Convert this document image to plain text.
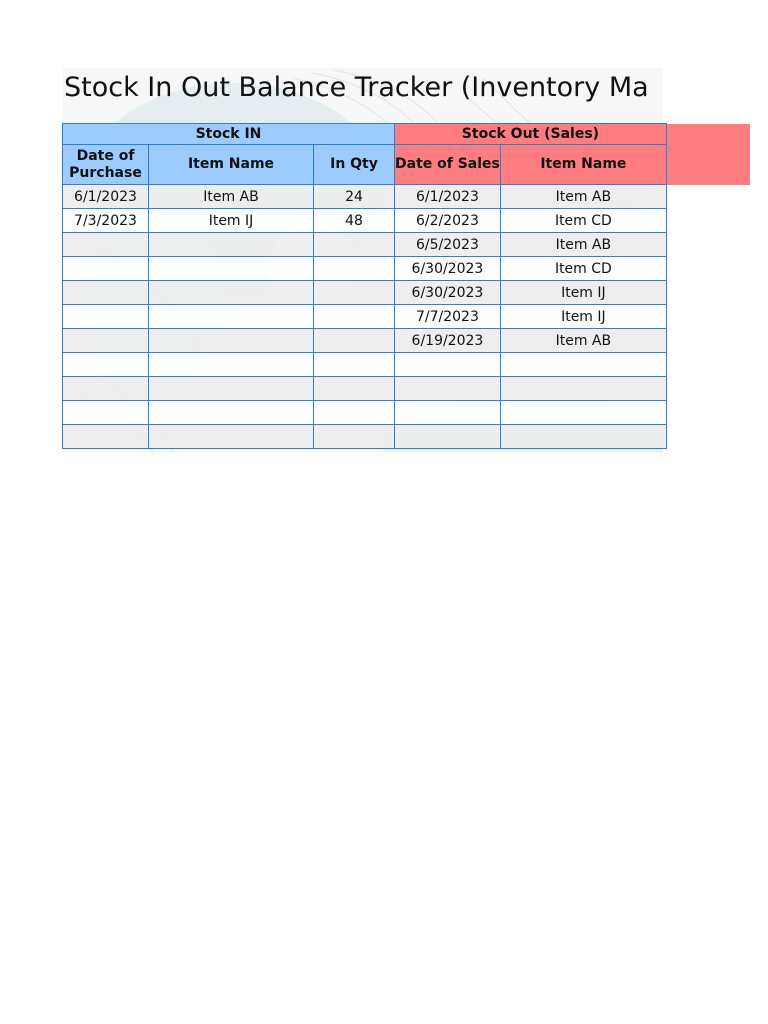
Stock In Out Balance Tracker (Inventory Ma
Stock IN			Stock Out (Sales)	
Date of
Purchase	Item Name	In Qty	Date of Sales	Item Name
6/1/2023	Item AB	24	6/1/2023	Item AB
7/3/2023	Item IJ	48	6/2/2023	Item CD
			6/5/2023	Item AB
			6/30/2023	Item CD
			6/30/2023	Item IJ
			7/7/2023	Item IJ
			6/19/2023	Item AB
